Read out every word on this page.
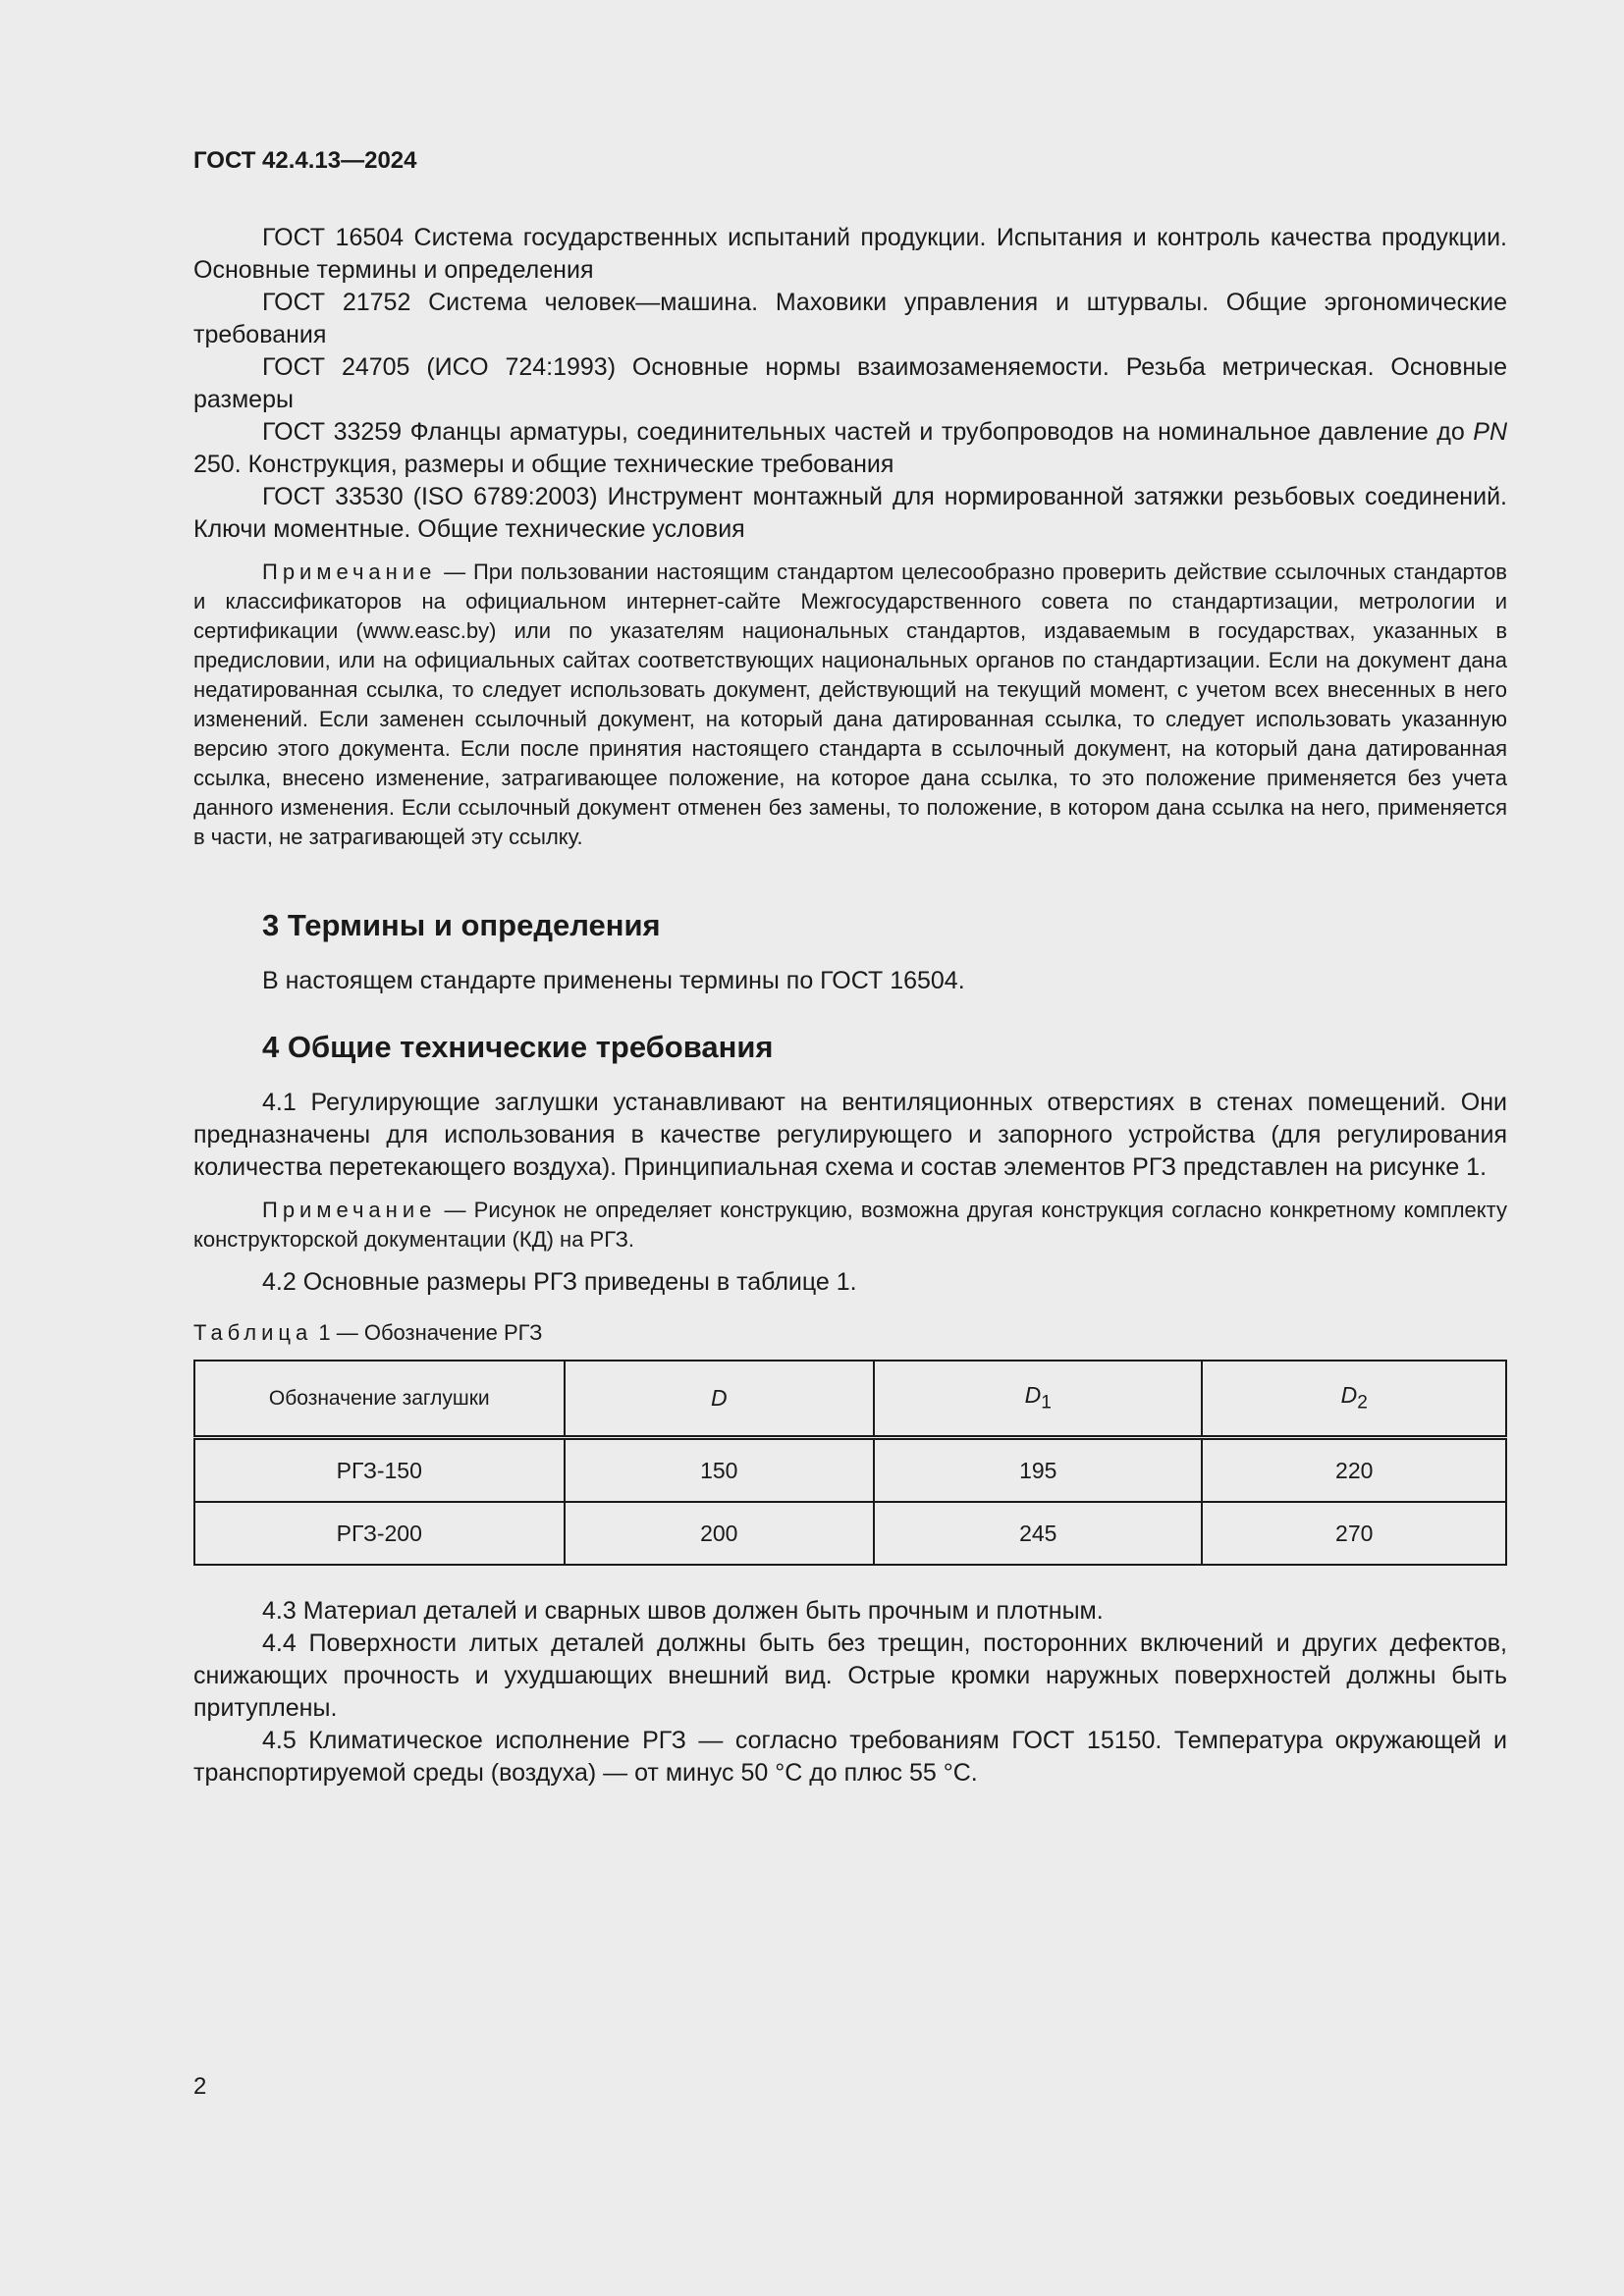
ГОСТ 42.4.13—2024

ГОСТ 16504 Система государственных испытаний продукции. Испытания и контроль качества продукции. Основные термины и определения

ГОСТ 21752 Система человек—машина. Маховики управления и штурвалы. Общие эргономические требования

ГОСТ 24705 (ИСО 724:1993) Основные нормы взаимозаменяемости. Резьба метрическая. Основные размеры

ГОСТ 33259 Фланцы арматуры, соединительных частей и трубопроводов на номинальное давление до PN 250. Конструкция, размеры и общие технические требования

ГОСТ 33530 (ISO 6789:2003) Инструмент монтажный для нормированной затяжки резьбовых соединений. Ключи моментные. Общие технические условия

Примечание — При пользовании настоящим стандартом целесообразно проверить действие ссылочных стандартов и классификаторов на официальном интернет-сайте Межгосударственного совета по стандартизации, метрологии и сертификации (www.easc.by) или по указателям национальных стандартов, издаваемым в государствах, указанных в предисловии, или на официальных сайтах соответствующих национальных органов по стандартизации. Если на документ дана недатированная ссылка, то следует использовать документ, действующий на текущий момент, с учетом всех внесенных в него изменений. Если заменен ссылочный документ, на который дана датированная ссылка, то следует использовать указанную версию этого документа. Если после принятия настоящего стандарта в ссылочный документ, на который дана датированная ссылка, внесено изменение, затрагивающее положение, на которое дана ссылка, то это положение применяется без учета данного изменения. Если ссылочный документ отменен без замены, то положение, в котором дана ссылка на него, применяется в части, не затрагивающей эту ссылку.

3 Термины и определения

В настоящем стандарте применены термины по ГОСТ 16504.

4 Общие технические требования

4.1 Регулирующие заглушки устанавливают на вентиляционных отверстиях в стенах помещений. Они предназначены для использования в качестве регулирующего и запорного устройства (для регулирования количества перетекающего воздуха). Принципиальная схема и состав элементов РГЗ представлен на рисунке 1.

Примечание — Рисунок не определяет конструкцию, возможна другая конструкция согласно конкретному комплекту конструкторской документации (КД) на РГЗ.

4.2 Основные размеры РГЗ приведены в таблице 1.

Таблица 1 — Обозначение РГЗ

Обозначение заглушки	D	$D_1$	$D_2$
РГЗ-150	150	195	220
РГЗ-200	200	245	270

4.3 Материал деталей и сварных швов должен быть прочным и плотным.

4.4 Поверхности литых деталей должны быть без трещин, посторонних включений и других дефектов, снижающих прочность и ухудшающих внешний вид. Острые кромки наружных поверхностей должны быть притуплены.

4.5 Климатическое исполнение РГЗ — согласно требованиям ГОСТ 15150. Температура окружающей и транспортируемой среды (воздуха) — от минус 50 °С до плюс 55 °С.

2
